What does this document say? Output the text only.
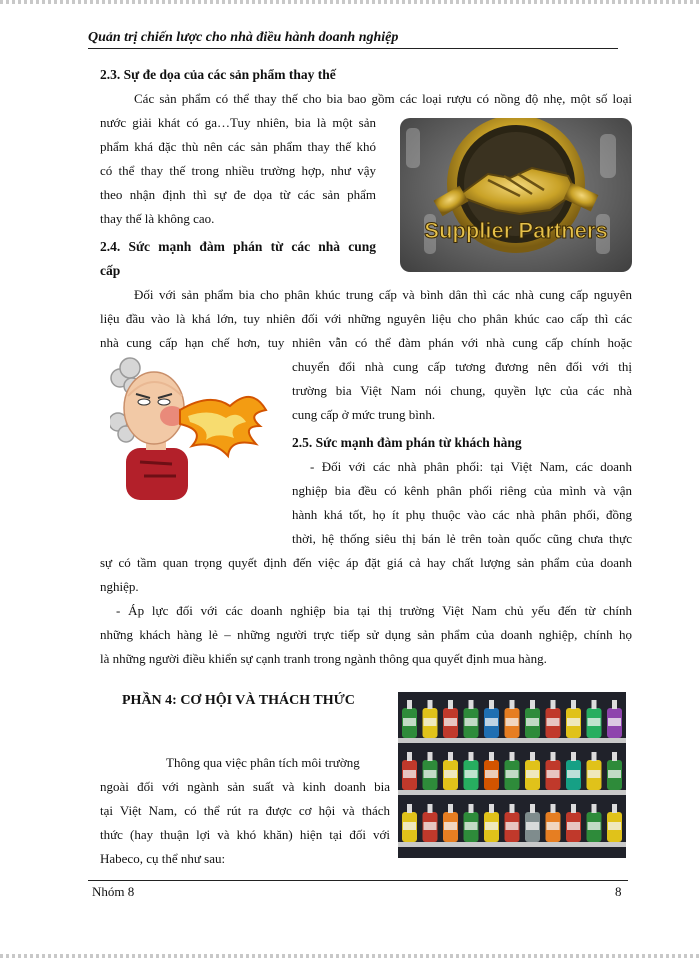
Quản trị chiến lược cho nhà điều hành doanh nghiệp
2.3. Sự đe dọa của các sản phẩm thay thế
Các sản phẩm có thể thay thế cho bia bao gồm các loại rượu có nồng độ nhẹ, một số loại
nước giải khát có ga…Tuy nhiên, bia là một sản
phẩm khá đặc thù nên các sản phẩm thay thế khó
có thể thay thế trong nhiều trường hợp, như vậy
theo nhận định thì sự đe dọa từ các sản phẩm
thay thế là không cao.	Supplier Partners
2.4. Sức mạnh đàm phán từ các nhà cung
cấp
Đối với sản phẩm bia cho phân khúc trung cấp và bình dân thì các nhà cung cấp nguyên
liệu đầu vào là khá lớn, tuy nhiên đối với những nguyên liệu cho phân khúc cao cấp thì các
nhà cung cấp hạn chế hơn, tuy nhiên vẫn có thể đàm phán với nhà cung cấp chính hoặc
chuyển đổi nhà cung cấp tương đương nên đối với thị
trường bia Việt Nam nói chung, quyền lực của các nhà
cung cấp ở mức trung bình.
2.5. Sức mạnh đàm phán từ khách hàng
- Đối với các nhà phân phối: tại Việt Nam, các doanh
nghiệp bia đều có kênh phân phối riêng của mình và vận
hành khá tốt, họ ít phụ thuộc vào các nhà phân phối, đồng
thời, hệ thống siêu thị bán lẻ trên toàn quốc cũng chưa thực
sự có tầm quan trọng quyết định đến việc áp đặt giá cả hay chất lượng sản phẩm của doanh
nghiệp.
- Áp lực đối với các doanh nghiệp bia tại thị trường Việt Nam chủ yếu đến từ chính
những khách hàng lẻ – những người trực tiếp sử dụng sản phẩm của doanh nghiệp, chính họ
là những người điều khiển sự cạnh tranh trong ngành thông qua quyết định mua hàng.
PHẦN 4: CƠ HỘI VÀ THÁCH THỨC
Thông qua việc phân tích môi trường
ngoài đối với ngành sản suất và kinh doanh bia
tại Việt Nam, có thể rút ra được cơ hội và thách
thức (hay thuận lợi và khó khăn) hiện tại đối với
Habeco, cụ thể như sau:
Nhóm 8	8
